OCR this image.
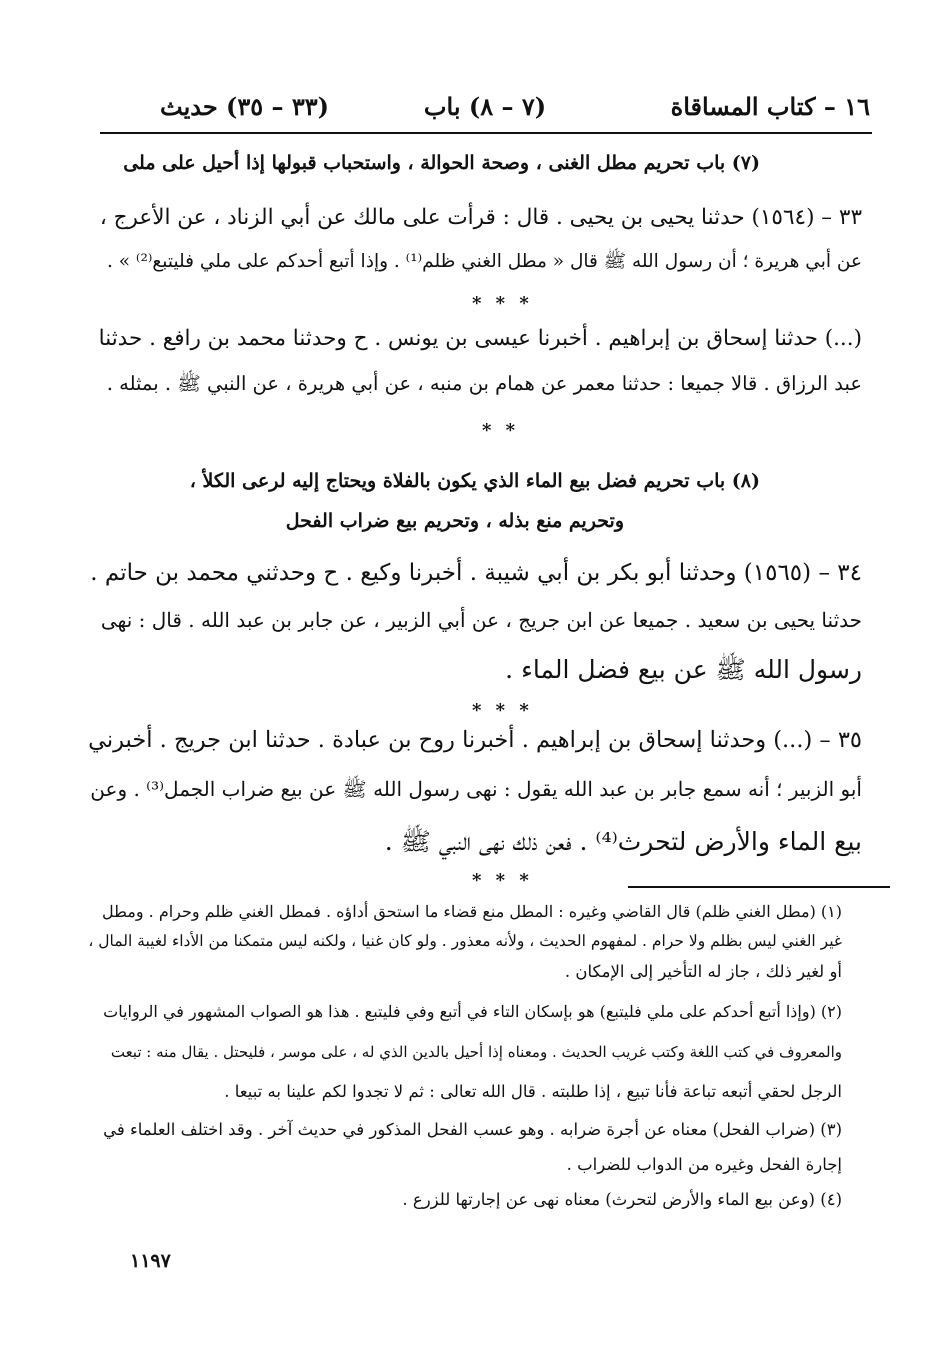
١٦ – كتاب المساقاة
(٧ – ٨) باب
(٣٣ – ٣٥) حديث
(٧) باب تحريم مطل الغنى ، وصحة الحوالة ، واستحباب قبولها إذا أحيل على ملى
٣٣ – (١٥٦٤) حدثنا يحيى بن يحيى . قال : قرأت على مالك عن أبي الزناد ، عن الأعرج ،
عن أبي هريرة ؛ أن رسول الله ﷺ قال « مطل الغني ظلم⁽¹⁾ . وإذا أتبع أحدكم على ملي فليتبع⁽²⁾ » .
* * *
(...) حدثنا إسحاق بن إبراهيم . أخبرنا عيسى بن يونس . ح وحدثنا محمد بن رافع . حدثنا
عبد الرزاق . قالا جميعا : حدثنا معمر عن همام بن منبه ، عن أبي هريرة ، عن النبي ﷺ . بمثله .
* *
(٨) باب تحريم فضل بيع الماء الذي يكون بالفلاة ويحتاج إليه لرعى الكلأ ،
وتحريم منع بذله ، وتحريم بيع ضراب الفحل
٣٤ – (١٥٦٥) وحدثنا أبو بكر بن أبي شيبة . أخبرنا وكيع . ح وحدثني محمد بن حاتم .
حدثنا يحيى بن سعيد . جميعا عن ابن جريج ، عن أبي الزبير ، عن جابر بن عبد الله . قال : نهى
رسول الله ﷺ عن بيع فضل الماء .
* * *
٣٥ – (...) وحدثنا إسحاق بن إبراهيم . أخبرنا روح بن عبادة . حدثنا ابن جريج . أخبرني
أبو الزبير ؛ أنه سمع جابر بن عبد الله يقول : نهى رسول الله ﷺ عن بيع ضراب الجمل⁽³⁾ . وعن
بيع الماء والأرض لتحرث⁽⁴⁾ . فعن ذلك نهى النبي ﷺ .
* * *
(١) (مطل الغني ظلم) قال القاضي وغيره : المطل منع قضاء ما استحق أداؤه . فمطل الغني ظلم وحرام . ومطل
غير الغني ليس بظلم ولا حرام . لمفهوم الحديث ، ولأنه معذور . ولو كان غنيا ، ولكنه ليس متمكنا من الأداء لغيبة المال ،
أو لغير ذلك ، جاز له التأخير إلى الإمكان .
(٢) (وإذا أتبع أحدكم على ملي فليتبع) هو بإسكان التاء في أتبع وفي فليتبع . هذا هو الصواب المشهور في الروايات
والمعروف في كتب اللغة وكتب غريب الحديث . ومعناه إذا أحيل بالدين الذي له ، على موسر ، فليحتل . يقال منه : تبعت
الرجل لحقي أتبعه تباعة فأنا تبيع ، إذا طلبته . قال الله تعالى : ثم لا تجدوا لكم علينا به تبيعا .
(٣) (ضراب الفحل) معناه عن أجرة ضرابه . وهو عسب الفحل المذكور في حديث آخر . وقد اختلف العلماء في
إجارة الفحل وغيره من الدواب للضراب .
(٤) (وعن بيع الماء والأرض لتحرث) معناه نهى عن إجارتها للزرع .
١١٩٧
